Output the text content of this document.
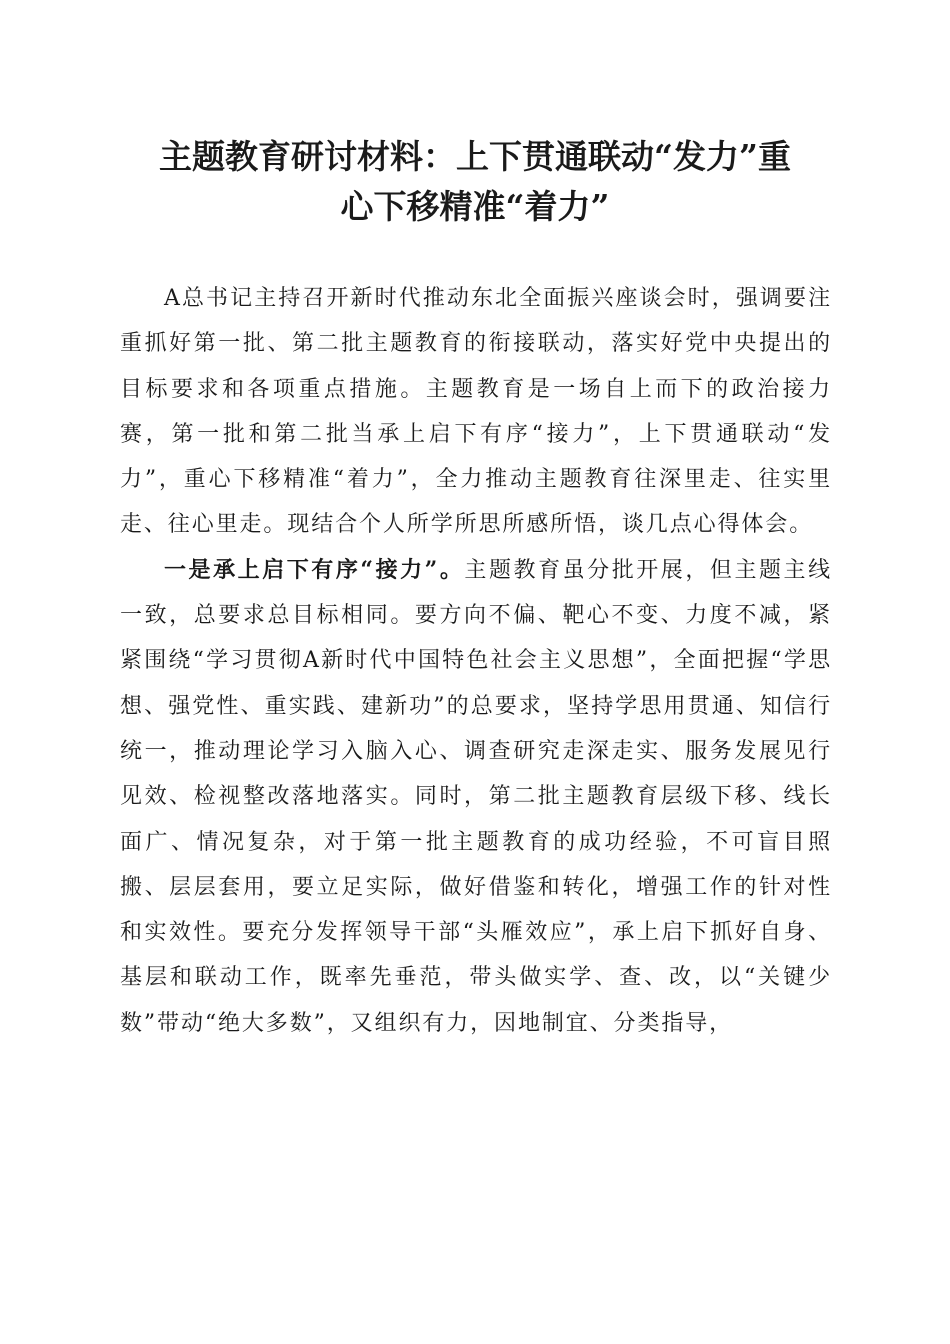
主题教育研讨材料：上下贯通联动“发力”重
心下移精准“着力”

A总书记主持召开新时代推动东北全面振兴座谈会时，强调要注重抓好第一批、第二批主题教育的衔接联动，落实好党中央提出的目标要求和各项重点措施。主题教育是一场自上而下的政治接力赛，第一批和第二批当承上启下有序“接力”，上下贯通联动“发力”，重心下移精准“着力”，全力推动主题教育往深里走、往实里走、往心里走。现结合个人所学所思所感所悟，谈几点心得体会。

一是承上启下有序“接力”。主题教育虽分批开展，但主题主线一致，总要求总目标相同。要方向不偏、靶心不变、力度不减，紧紧围绕“学习贯彻A新时代中国特色社会主义思想”，全面把握“学思想、强党性、重实践、建新功”的总要求，坚持学思用贯通、知信行统一，推动理论学习入脑入心、调查研究走深走实、服务发展见行见效、检视整改落地落实。同时，第二批主题教育层级下移、线长面广、情况复杂，对于第一批主题教育的成功经验，不可盲目照搬、层层套用，要立足实际，做好借鉴和转化，增强工作的针对性和实效性。要充分发挥领导干部“头雁效应”，承上启下抓好自身、基层和联动工作，既率先垂范，带头做实学、查、改，以“关键少数”带动“绝大多数”，又组织有力，因地制宜、分类指导，
